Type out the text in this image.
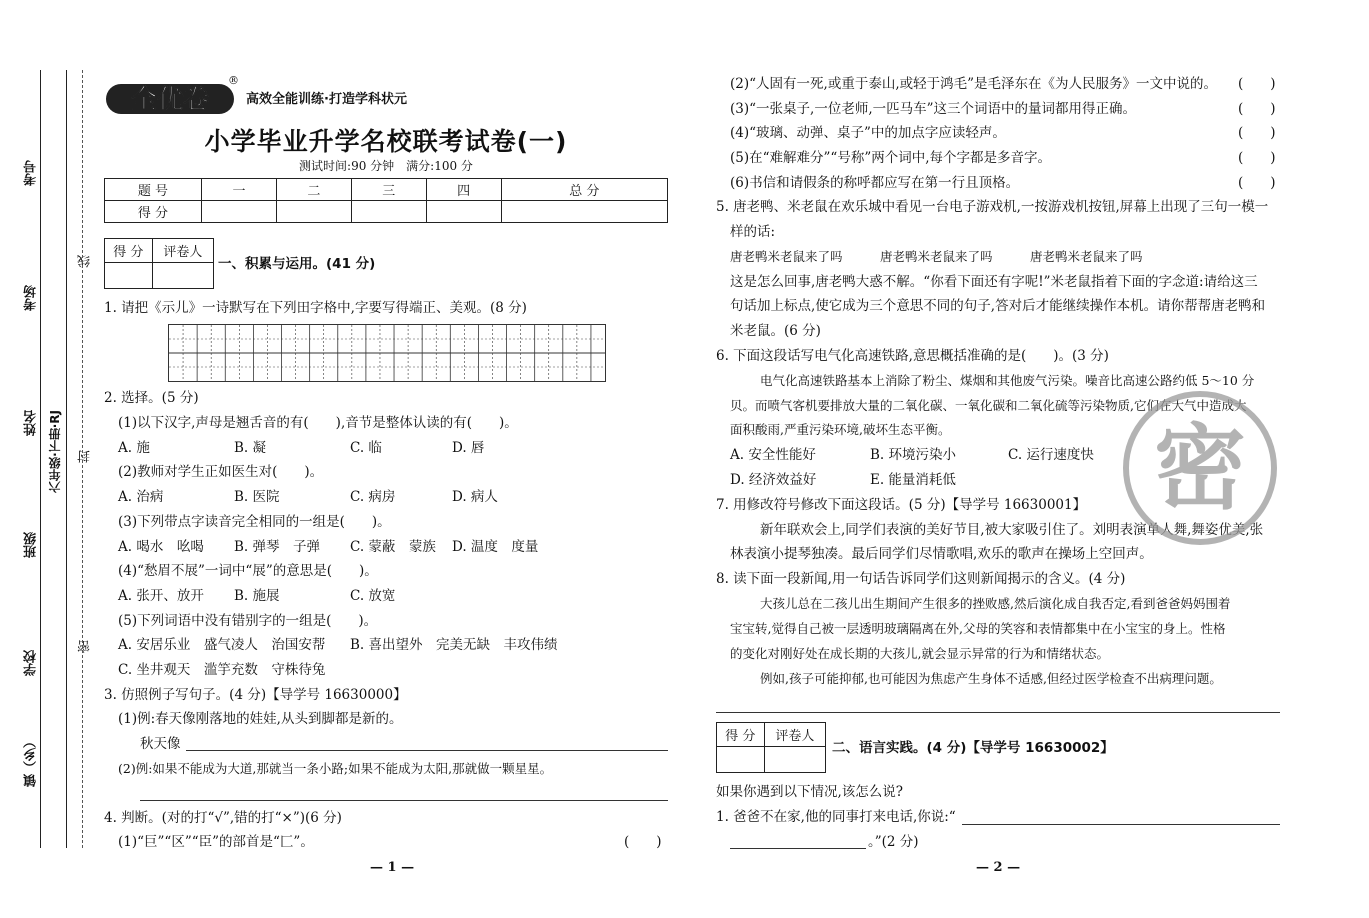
考号
考场
姓名 六年级·下册·RJ
班级
学校
镇（乡）
线
封
密
全优卷
®
高效全能训练·打造学科状元
小学毕业升学名校联考试卷(一)
测试时间:90 分钟　满分:100 分
题 号	一	二	三	四	总 分
得 分					
得 分	评卷人

一、积累与运用。(41 分)
1. 请把《示儿》一诗默写在下列田字格中,字要写得端正、美观。(8 分)
2. 选择。(5 分)
(1)以下汉字,声母是翘舌音的有(　　),音节是整体认读的有(　　)。
A. 施	B. 凝	C. 临	D. 唇
(2)教师对学生正如医生对(　　)。
A. 治病	B. 医院	C. 病房	D. 病人
(3)下列带点字读音完全相同的一组是(　　)。
A. 喝水　吆喝 B. 弹琴　子弹 C. 蒙蔽　蒙族 D. 温度　度量
(4)“愁眉不展”一词中“展”的意思是(　　)。
A. 张开、放开 B. 施展	C. 放宽
(5)下列词语中没有错别字的一组是(　　)。
A. 安居乐业　盛气凌人　治国安帮 B. 喜出望外　完美无缺　丰攻伟绩
C. 坐井观天　滥竽充数　守株待兔
3. 仿照例子写句子。(4 分)【导学号 16630000】
(1)例:春天像刚落地的娃娃,从头到脚都是新的。
秋天像
(2)例:如果不能成为大道,那就当一条小路;如果不能成为太阳,那就做一颗星星。
4. 判断。(对的打“√”,错的打“×”)(6 分)
(1)“巨”“区”“臣”的部首是“匚”。	(　　)
— 1 —
(2)“人固有一死,或重于泰山,或轻于鸿毛”是毛泽东在《为人民服务》一文中说的。 (　　)
(3)“一张桌子,一位老师,一匹马车”这三个词语中的量词都用得正确。	(　　)
(4)“玻璃、动弹、桌子”中的加点字应读轻声。	(　　)
(5)在“难解难分”“号称”两个词中,每个字都是多音字。	(　　)
(6)书信和请假条的称呼都应写在第一行且顶格。	(　　)
5. 唐老鸭、米老鼠在欢乐城中看见一台电子游戏机,一按游戏机按钮,屏幕上出现了三句一模一
样的话:
唐老鸭米老鼠来了吗	唐老鸭米老鼠来了吗	唐老鸭米老鼠来了吗
这是怎么回事,唐老鸭大惑不解。“你看下面还有字呢!”米老鼠指着下面的字念道:请给这三
句话加上标点,使它成为三个意思不同的句子,答对后才能继续操作本机。请你帮帮唐老鸭和
米老鼠。(6 分)
6. 下面这段话写电气化高速铁路,意思概括准确的是(　　)。(3 分)
电气化高速铁路基本上消除了粉尘、煤烟和其他废气污染。噪音比高速公路约低 5～10 分
贝。而喷气客机要排放大量的二氧化碳、一氧化碳和二氧化硫等污染物质,它们在大气中造成大
面积酸雨,严重污染环境,破坏生态平衡。
A. 安全性能好	B. 环境污染小	C. 运行速度快
D. 经济效益好	E. 能量消耗低
7. 用修改符号修改下面这段话。(5 分)【导学号 16630001】
新年联欢会上,同学们表演的美好节目,被大家吸引住了。刘明表演单人舞,舞姿优美,张
林表演小提琴独凑。最后同学们尽情歌唱,欢乐的歌声在操场上空回声。
8. 读下面一段新闻,用一句话告诉同学们这则新闻揭示的含义。(4 分)
大孩儿总在二孩儿出生期间产生很多的挫败感,然后演化成自我否定,看到爸爸妈妈围着
宝宝转,觉得自己被一层透明玻璃隔离在外,父母的笑容和表情都集中在小宝宝的身上。性格
的变化对刚好处在成长期的大孩儿,就会显示异常的行为和情绪状态。
例如,孩子可能抑郁,也可能因为焦虑产生身体不适感,但经过医学检查不出病理问题。
得 分	评卷人

二、语言实践。(4 分)【导学号 16630002】
如果你遇到以下情况,该怎么说?
1. 爸爸不在家,他的同事打来电话,你说:“
。”(2 分)
— 2 —
密
